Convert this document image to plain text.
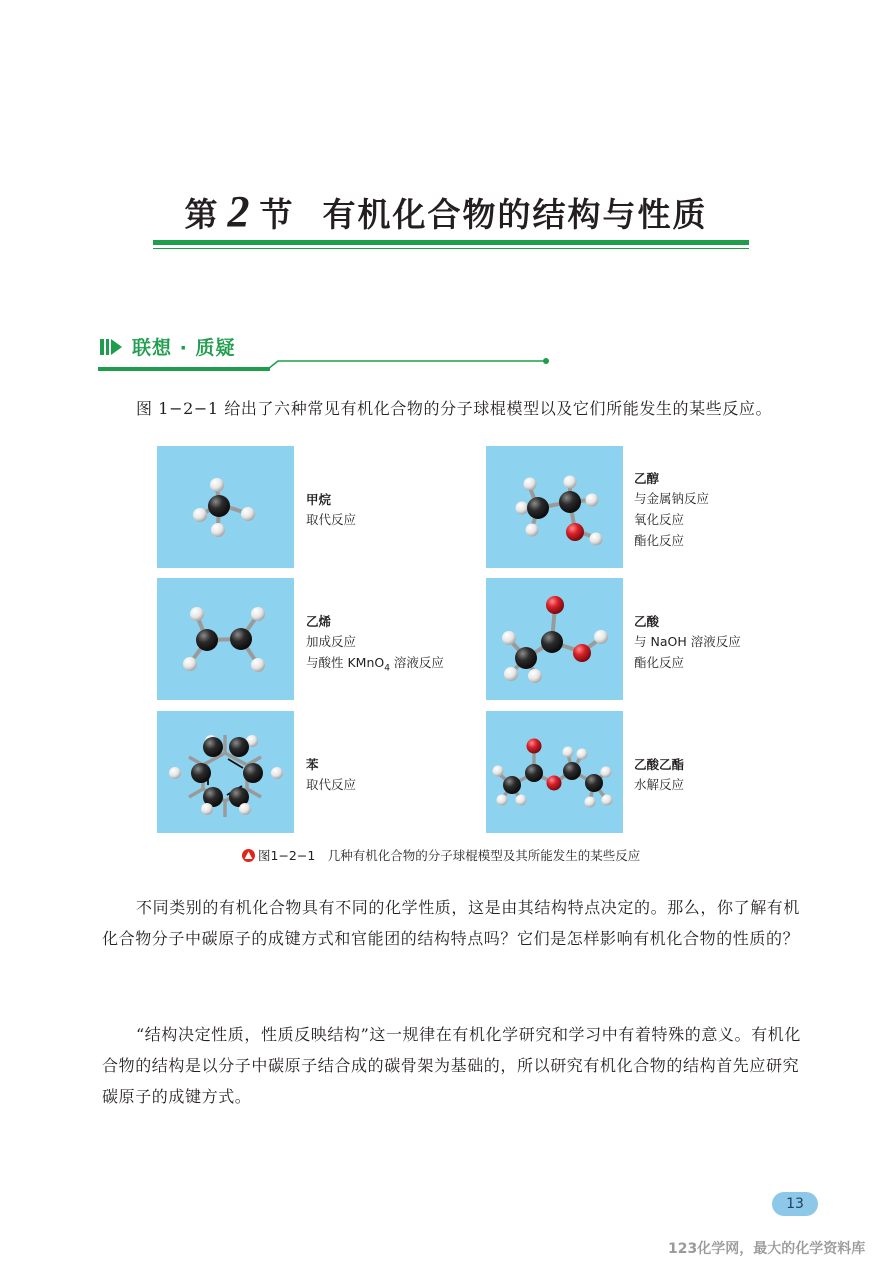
第 2 节 有机化合物的结构与性质
联想 · 质疑

图 1−2−1 给出了六种常见有机化合物的分子球棍模型以及它们所能发生的某些反应。

甲烷
取代反应
乙醇
与金属钠反应
氧化反应
酯化反应
乙烯
加成反应
与酸性 KMnO$_4$ 溶液反应
乙酸
与 NaOH 溶液反应
酯化反应
苯
取代反应
乙酸乙酯
水解反应
图1−2−1　几种有机化合物的分子球棍模型及其所能发生的某些反应

不同类别的有机化合物具有不同的化学性质，这是由其结构特点决定的。那么，你了解有机化合物分子中碳原子的成键方式和官能团的结构特点吗？它们是怎样影响有机化合物的性质的？

“结构决定性质，性质反映结构”这一规律在有机化学研究和学习中有着特殊的意义。有机化合物的结构是以分子中碳原子结合成的碳骨架为基础的，所以研究有机化合物的结构首先应研究碳原子的成键方式。

13
123化学网，最大的化学资料库
